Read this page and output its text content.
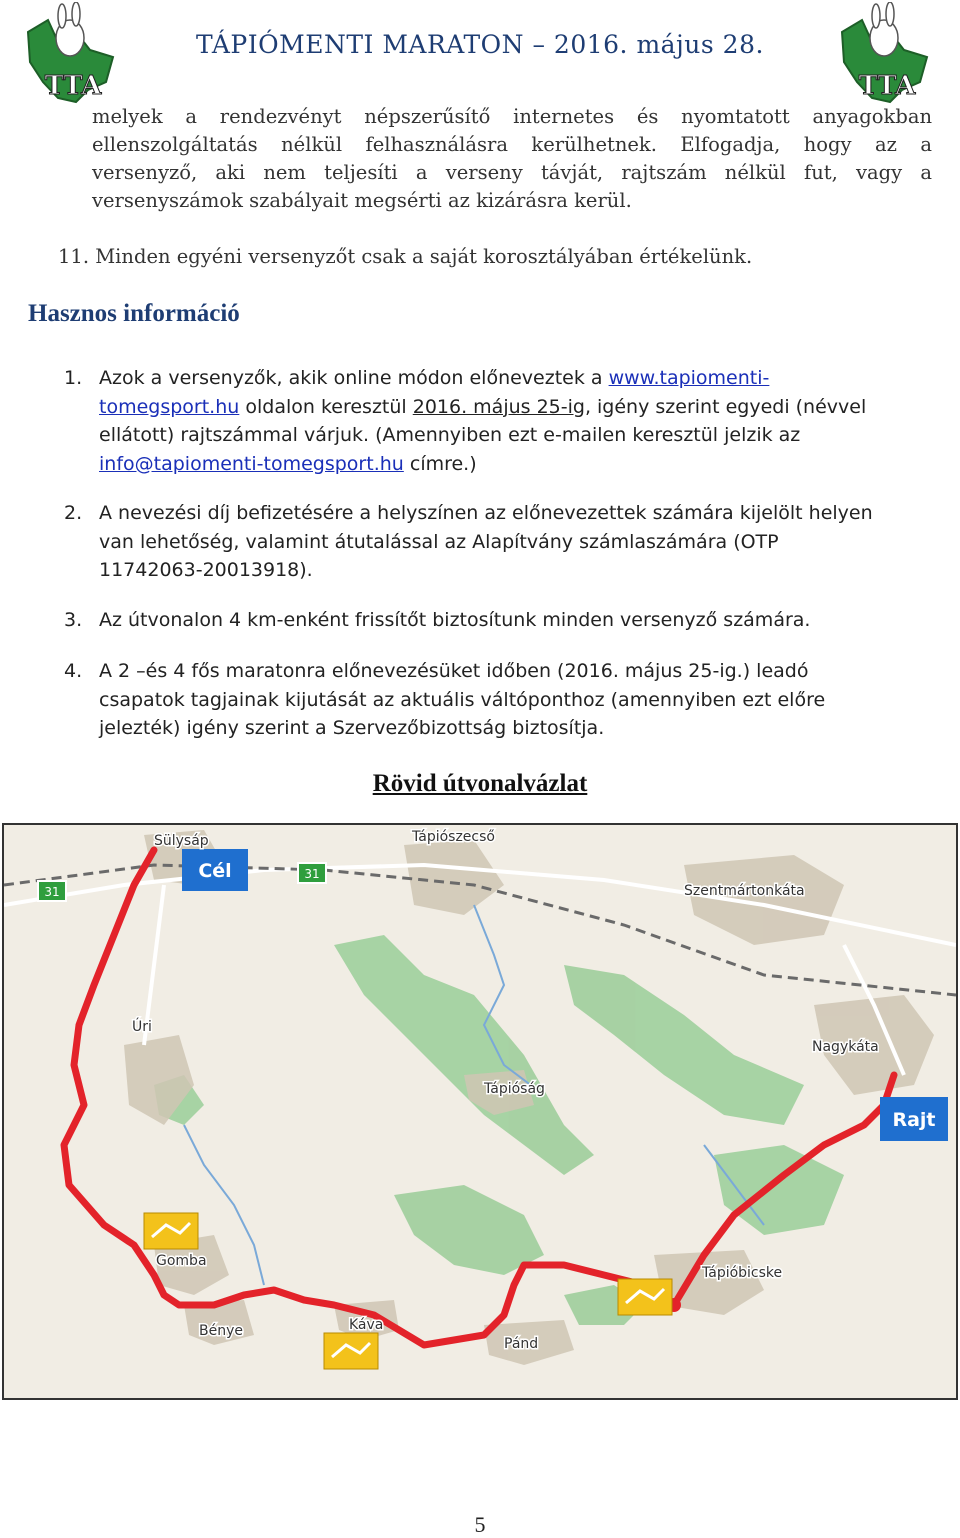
TTA	TTA
TÁPIÓMENTI MARATON – 2016. május 28.
melyek a rendezvényt népszerűsítő internetes és nyomtatott anyagokban
ellenszolgáltatás nélkül felhasználásra kerülhetnek. Elfogadja, hogy az a
versenyző, aki nem teljesíti a verseny távját, rajtszám nélkül fut, vagy a
versenyszámok szabályait megsérti az kizárásra kerül.
11. Minden egyéni versenyzőt csak a saját korosztályában értékelünk.
Hasznos információ
1. Azok a versenyzők, akik online módon előneveztek a www.tapiomenti-
tomegsport.hu oldalon keresztül 2016. május 25-ig, igény szerint egyedi (névvel
ellátott) rajtszámmal várjuk. (Amennyiben ezt e-mailen keresztül jelzik az
info@tapiomenti-tomegsport.hu címre.)
2. A nevezési díj befizetésére a helyszínen az előnevezettek számára kijelölt helyen
van lehetőség, valamint átutalással az Alapítvány számlaszámára (OTP
11742063-20013918).
3. Az útvonalon 4 km-enként frissítőt biztosítunk minden versenyző számára.
4. A 2 –és 4 fős maratonra előnevezésüket időben (2016. május 25-ig.) leadó
csapatok tagjainak kijutását az aktuális váltóponthoz (amennyiben ezt előre
jelezték) igény szerint a Szervezőbizottság biztosítja.
Rövid útvonalvázlat
31
31
Cél
Rajt
Sülysáp	Tápiószecső
Szentmártonkáta
Nagykáta
Úri
Tápióság
Gomba
Tápióbicske
Bénye	Káva
Pánd
5
